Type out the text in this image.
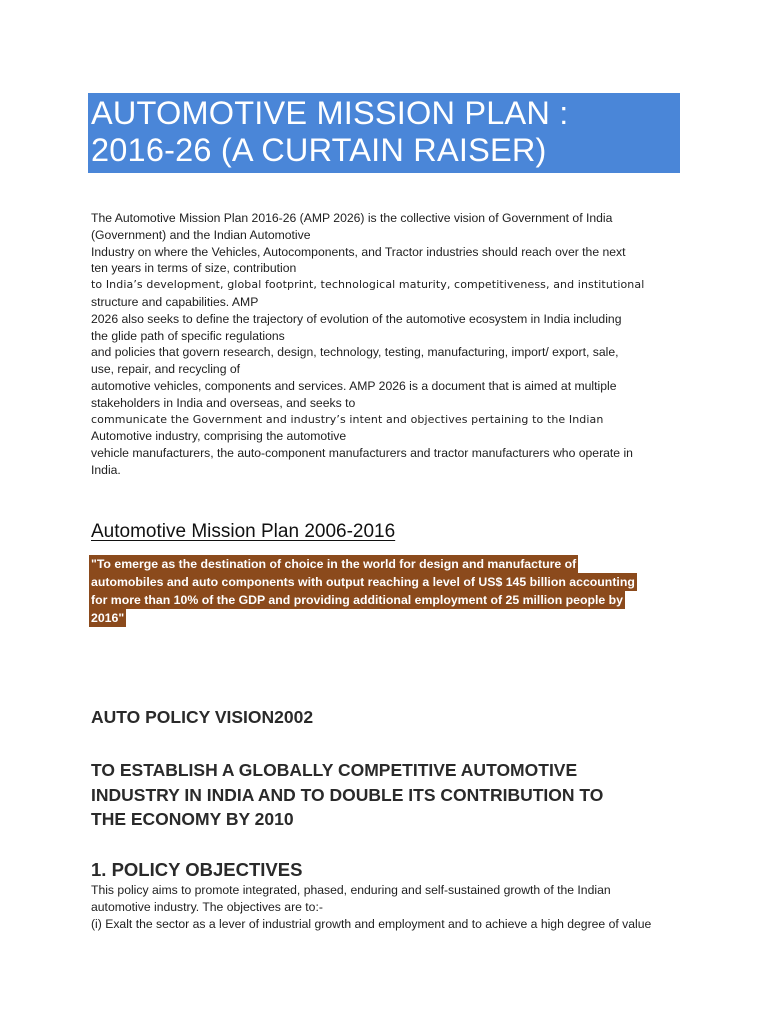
AUTOMOTIVE MISSION PLAN :
2016-26 (A CURTAIN RAISER)
The Automotive Mission Plan 2016-26 (AMP 2026) is the collective vision of Government of India
(Government) and the Indian Automotive
Industry on where the Vehicles, Autocomponents, and Tractor industries should reach over the next
ten years in terms of size, contribution
to India’s development, global footprint, technological maturity, competitiveness, and institutional
structure and capabilities. AMP
2026 also seeks to define the trajectory of evolution of the automotive ecosystem in India including
the glide path of specific regulations
and policies that govern research, design, technology, testing, manufacturing, import/ export, sale,
use, repair, and recycling of
automotive vehicles, components and services. AMP 2026 is a document that is aimed at multiple
stakeholders in India and overseas, and seeks to
communicate the Government and industry’s intent and objectives pertaining to the Indian
Automotive industry, comprising the automotive
vehicle manufacturers, the auto-component manufacturers and tractor manufacturers who operate in
India.
Automotive Mission Plan 2006-2016
"To emerge as the destination of choice in the world for design and manufacture of
automobiles and auto components with output reaching a level of US$ 145 billion accounting
for more than 10% of the GDP and providing additional employment of 25 million people by
2016"
AUTO POLICY VISION2002
TO ESTABLISH A GLOBALLY COMPETITIVE AUTOMOTIVE
INDUSTRY IN INDIA AND TO DOUBLE ITS CONTRIBUTION TO
THE ECONOMY BY 2010
1. POLICY OBJECTIVES
This policy aims to promote integrated, phased, enduring and self-sustained growth of the Indian
automotive industry. The objectives are to:-
(i) Exalt the sector as a lever of industrial growth and employment and to achieve a high degree of value
